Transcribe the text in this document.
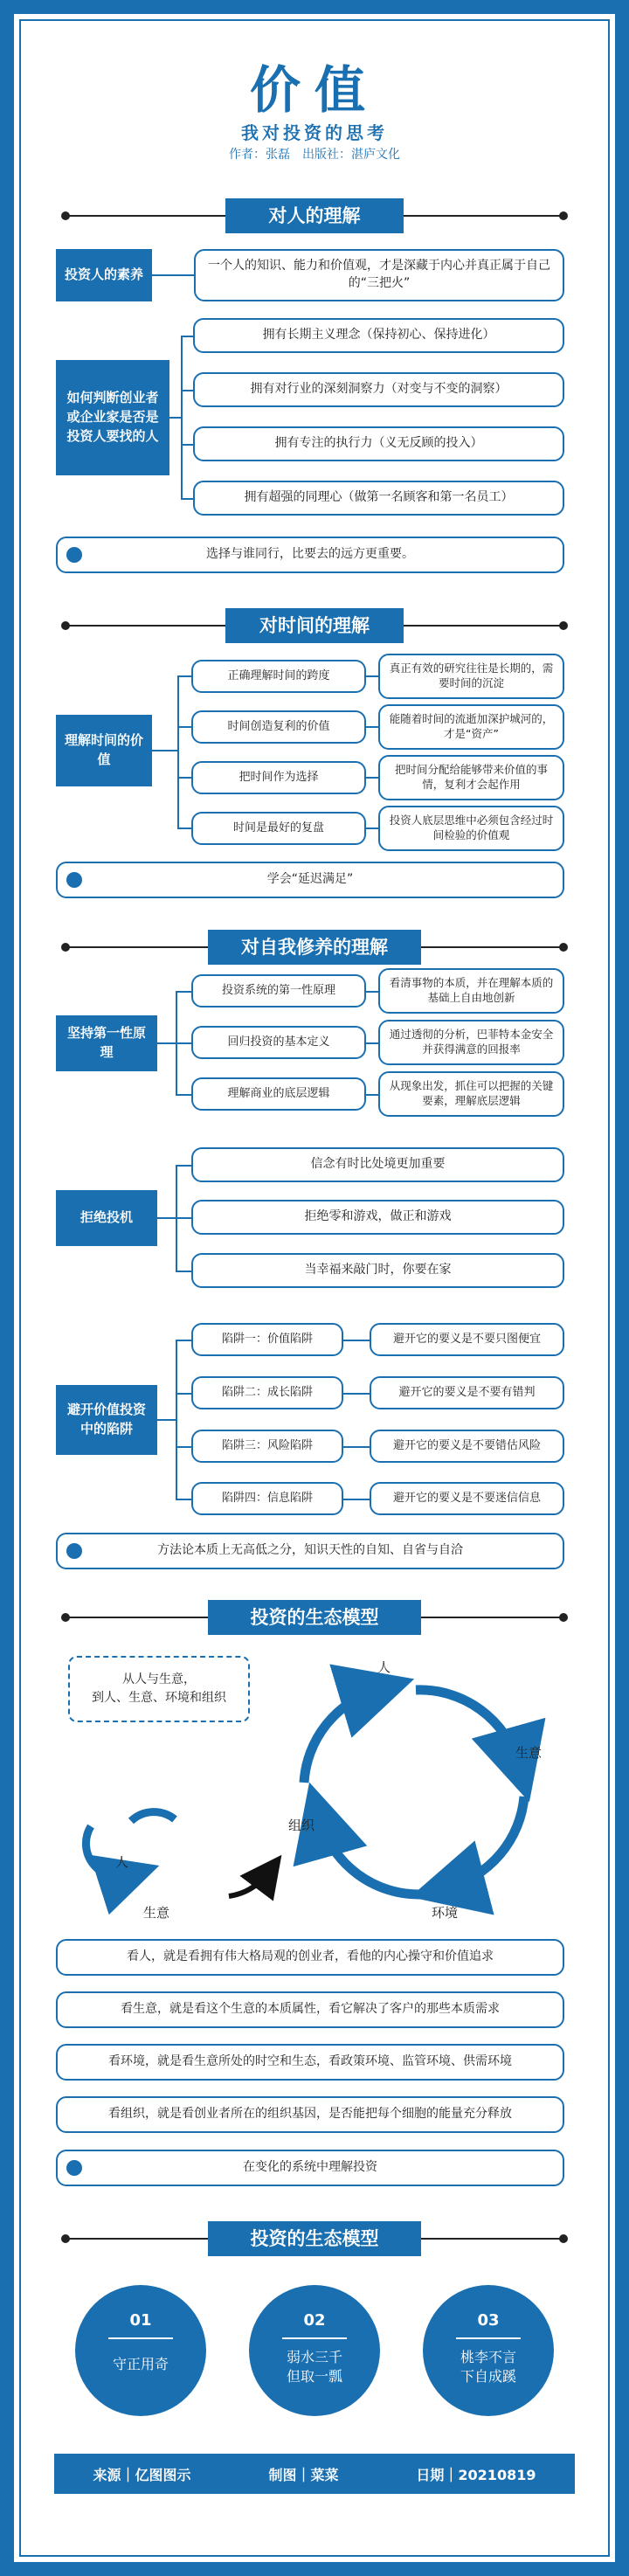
价值
我对投资的思考
作者：张磊　出版社：湛庐文化
对人的理解
投资人的素养
一个人的知识、能力和价值观，才是深藏于内心并真正属于自己的“三把火”
如何判断创业者或企业家是否是投资人要找的人
拥有长期主义理念（保持初心、保持进化）
拥有对行业的深刻洞察力（对变与不变的洞察）
拥有专注的执行力（义无反顾的投入）
拥有超强的同理心（做第一名顾客和第一名员工）
选择与谁同行，比要去的远方更重要。
对时间的理解
理解时间的价值
正确理解时间的跨度
真正有效的研究往往是长期的，需要时间的沉淀
时间创造复利的价值
能随着时间的流逝加深护城河的，才是“资产”
把时间作为选择
把时间分配给能够带来价值的事情，复利才会起作用
时间是最好的复盘
投资人底层思维中必须包含经过时间检验的价值观
学会“延迟满足”
对自我修养的理解
坚持第一性原理
投资系统的第一性原理
看清事物的本质，并在理解本质的基础上自由地创新
回归投资的基本定义
通过透彻的分析，巴菲特本金安全并获得满意的回报率
理解商业的底层逻辑
从现象出发，抓住可以把握的关键要素，理解底层逻辑
拒绝投机
信念有时比处境更加重要
拒绝零和游戏，做正和游戏
当幸福来敲门时，你要在家
避开价值投资中的陷阱
陷阱一：价值陷阱	避开它的要义是不要只图便宜
陷阱二：成长陷阱	避开它的要义是不要有错判
陷阱三：风险陷阱	避开它的要义是不要错估风险
陷阱四：信息陷阱	避开它的要义是不要迷信信息
方法论本质上无高低之分，知识天性的自知、自省与自洽
投资的生态模型
从人与生意，
到人、生意、环境和组织
人
生意
环境
组织
人
生意
看人，就是看拥有伟大格局观的创业者，看他的内心操守和价值追求
看生意，就是看这个生意的本质属性，看它解决了客户的那些本质需求
看环境，就是看生意所处的时空和生态，看政策环境、监管环境、供需环境
看组织，就是看创业者所在的组织基因，是否能把每个细胞的能量充分释放
在变化的系统中理解投资
投资的生态模型
01
守正用奇
02
弱水三千
但取一瓢
03
桃李不言
下自成蹊
来源｜亿图图示	制图｜菜菜	日期｜20210819
